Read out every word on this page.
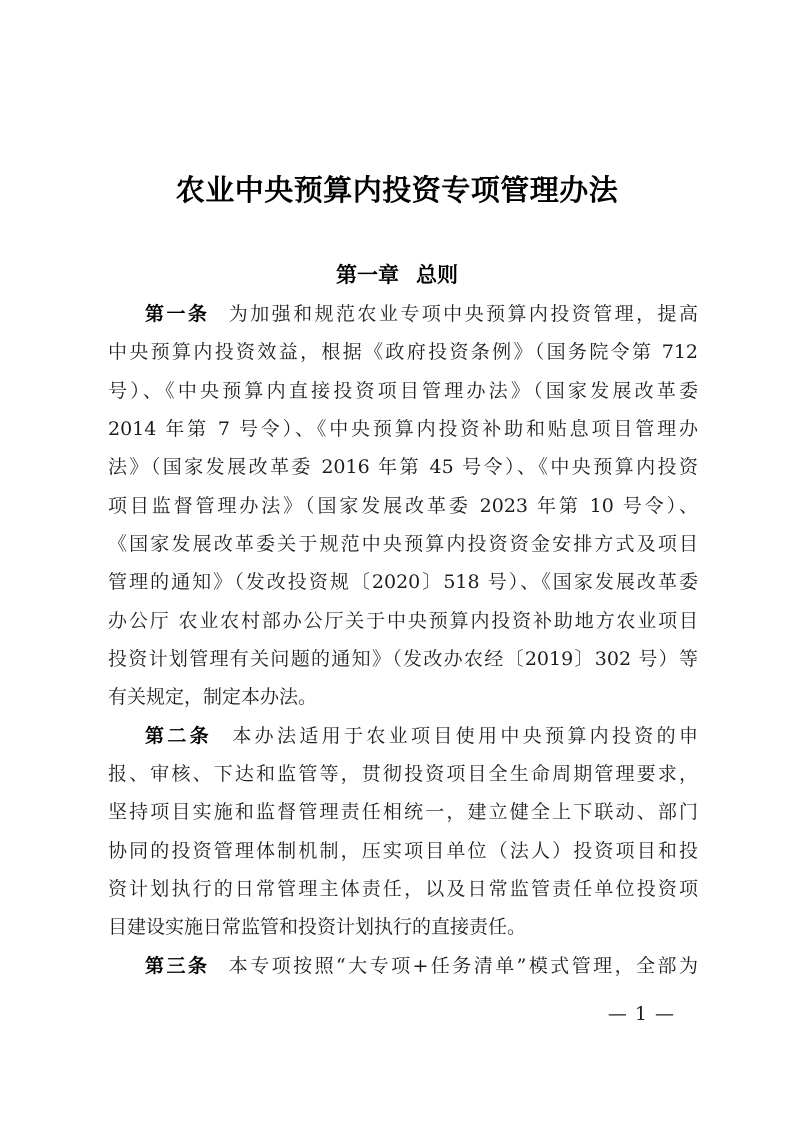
农业中央预算内投资专项管理办法
第一章 总则
第一条 为加强和规范农业专项中央预算内投资管理，提高
中央预算内投资效益，根据《政府投资条例》（国务院令第 712
号）、《中央预算内直接投资项目管理办法》（国家发展改革委
2014 年第 7 号令）、《中央预算内投资补助和贴息项目管理办
法》（国家发展改革委 2016 年第 45 号令）、《中央预算内投资
项目监督管理办法》（国家发展改革委 2023 年第 10 号令）、
《国家发展改革委关于规范中央预算内投资资金安排方式及项目
管理的通知》（发改投资规〔2020〕518 号）、《国家发展改革委
办公厅 农业农村部办公厅关于中央预算内投资补助地方农业项目
投资计划管理有关问题的通知》（发改办农经〔2019〕302 号）等
有关规定，制定本办法。
第二条 本办法适用于农业项目使用中央预算内投资的申
报、审核、下达和监管等，贯彻投资项目全生命周期管理要求，
坚持项目实施和监督管理责任相统一，建立健全上下联动、部门
协同的投资管理体制机制，压实项目单位（法人）投资项目和投
资计划执行的日常管理主体责任，以及日常监管责任单位投资项
目建设实施日常监管和投资计划执行的直接责任。
第三条 本专项按照“大专项+任务清单”模式管理，全部为
— 1 —
